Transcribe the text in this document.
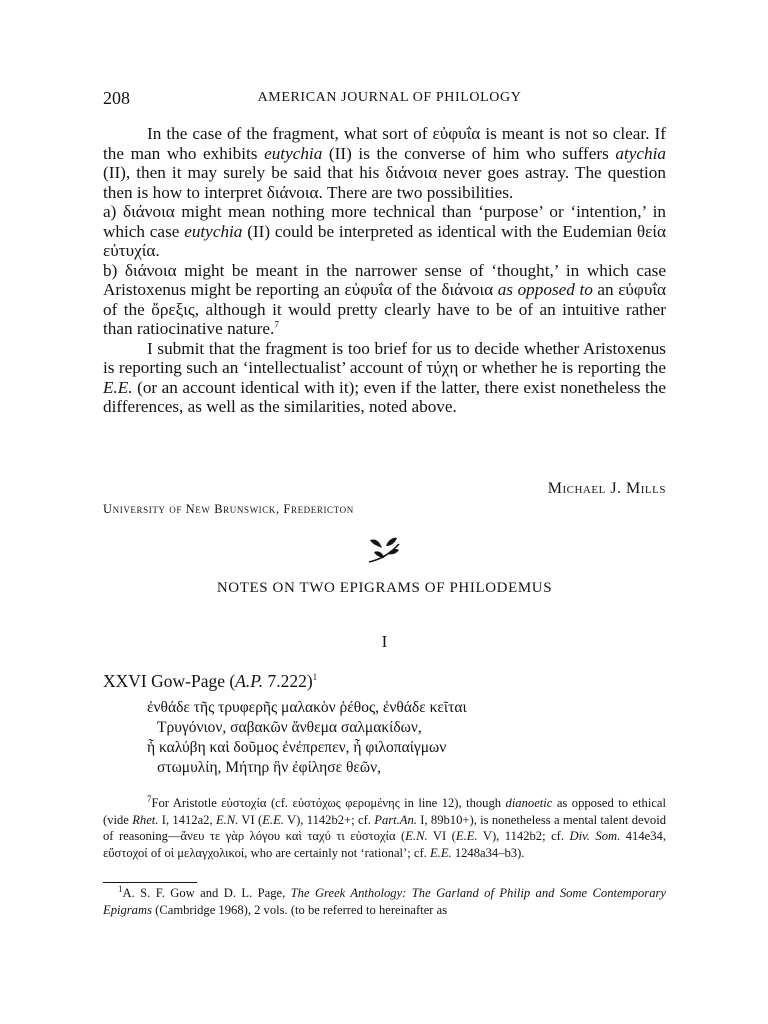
208	AMERICAN JOURNAL OF PHILOLOGY

In the case of the fragment, what sort of εὐφυΐα is meant is not so clear. If the man who exhibits eutychia (II) is the converse of him who suffers atychia (II), then it may surely be said that his διάνοια never goes astray. The question then is how to interpret διάνοια. There are two possibilities.

a) διάνοια might mean nothing more technical than ‘purpose’ or ‘intention,’ in which case eutychia (II) could be interpreted as identical with the Eudemian θεία εὐτυχία.

b) διάνοια might be meant in the narrower sense of ‘thought,’ in which case Aristoxenus might be reporting an εὐφυΐα of the διάνοια as opposed to an εὐφυΐα of the ὄρεξις, although it would pretty clearly have to be of an intuitive rather than ratiocinative nature.$^7$

I submit that the fragment is too brief for us to decide whether Aristoxenus is reporting such an ‘intellectualist’ account of τύχη or whether he is reporting the E.E. (or an account identical with it); even if the latter, there exist nonetheless the differences, as well as the similarities, noted above.

Michael J. Mills
University of New Brunswick, Fredericton
NOTES ON TWO EPIGRAMS OF PHILODEMUS
I
XXVI Gow-Page (A.P. 7.222)$^1$
ἐνθάδε τῆς τρυφερῆς μαλακὸν ῥέθος, ἐνθάδε κεῖται
Τρυγόνιον, σαβακῶν ἄνθεμα σαλμακίδων,
ἧ καλύβη καὶ δοῦμος ἐνέπρεπεν, ἧ φιλοπαίγμων
στωμυλίη, Μήτηρ ἣν ἐφίλησε θεῶν,

$^7$For Aristotle εὐστοχία (cf. εὐστόχως φερομένης in line 12), though dianoetic as opposed to ethical (vide Rhet. I, 1412a2, E.N. VI (E.E. V), 1142b2+; cf. Part.An. I, 89b10+), is nonetheless a mental talent devoid of reasoning—ἄνευ τε γὰρ λόγου καὶ ταχύ τι εὐστοχία (E.N. VI (E.E. V), 1142b2; cf. Div. Som. 414e34, εὔστοχοί of οἱ μελαγχολικοί, who are certainly not ‘rational’; cf. E.E. 1248a34–b3).

$^1$A. S. F. Gow and D. L. Page, The Greek Anthology: The Garland of Philip and Some Contemporary Epigrams (Cambridge 1968), 2 vols. (to be referred to hereinafter as
